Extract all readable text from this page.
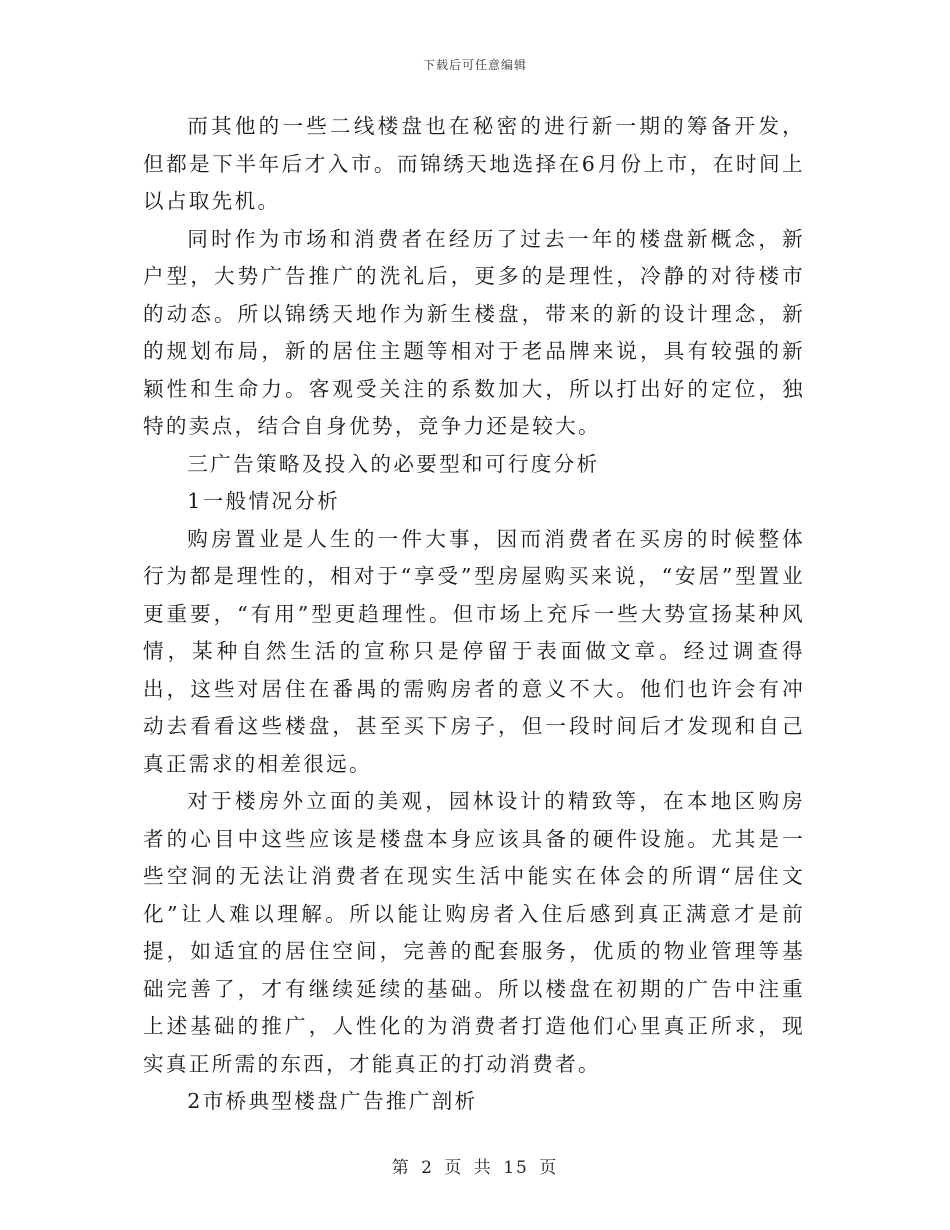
下载后可任意编辑

而其他的一些二线楼盘也在秘密的进行新一期的筹备开发，但都是下半年后才入市。而锦绣天地选择在6月份上市，在时间上以占取先机。

同时作为市场和消费者在经历了过去一年的楼盘新概念，新户型，大势广告推广的洗礼后，更多的是理性，冷静的对待楼市的动态。所以锦绣天地作为新生楼盘，带来的新的设计理念，新的规划布局，新的居住主题等相对于老品牌来说，具有较强的新颖性和生命力。客观受关注的系数加大，所以打出好的定位，独特的卖点，结合自身优势，竞争力还是较大。

三广告策略及投入的必要型和可行度分析

1一般情况分析

购房置业是人生的一件大事，因而消费者在买房的时候整体行为都是理性的，相对于“享受”型房屋购买来说，“安居”型置业更重要，“有用”型更趋理性。但市场上充斥一些大势宣扬某种风情，某种自然生活的宣称只是停留于表面做文章。经过调查得出，这些对居住在番禺的需购房者的意义不大。他们也许会有冲动去看看这些楼盘，甚至买下房子，但一段时间后才发现和自己真正需求的相差很远。

对于楼房外立面的美观，园林设计的精致等，在本地区购房者的心目中这些应该是楼盘本身应该具备的硬件设施。尤其是一些空洞的无法让消费者在现实生活中能实在体会的所谓“居住文化”让人难以理解。所以能让购房者入住后感到真正满意才是前提，如适宜的居住空间，完善的配套服务，优质的物业管理等基础完善了，才有继续延续的基础。所以楼盘在初期的广告中注重上述基础的推广，人性化的为消费者打造他们心里真正所求，现实真正所需的东西，才能真正的打动消费者。

2市桥典型楼盘广告推广剖析

第 2 页 共 15 页
